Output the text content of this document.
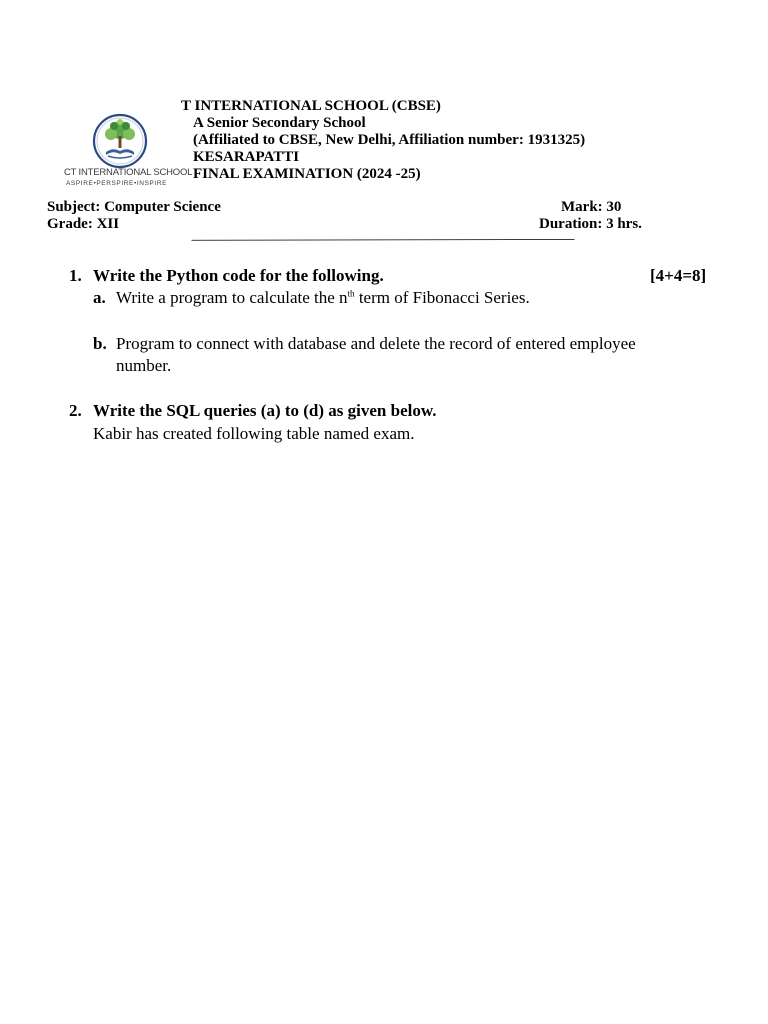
CT INTERNATIONAL SCHOOL
ASPIRE•PERSPIRE•INSPIRE
T INTERNATIONAL SCHOOL (CBSE)
A Senior Secondary School
(Affiliated to CBSE, New Delhi, Affiliation number: 1931325)
KESARAPATTI
FINAL EXAMINATION (2024 -25)
Subject: Computer Science
Grade: XII
Mark: 30
Duration: 3 hrs.
1. Write the Python code for the following.	[4+4=8]
a. Write a program to calculate the $n^{th}$ term of Fibonacci Series.
b. Program to connect with database and delete the record of entered employee
number.
2. Write the SQL queries (a) to (d) as given below.
Kabir has created following table named exam.
